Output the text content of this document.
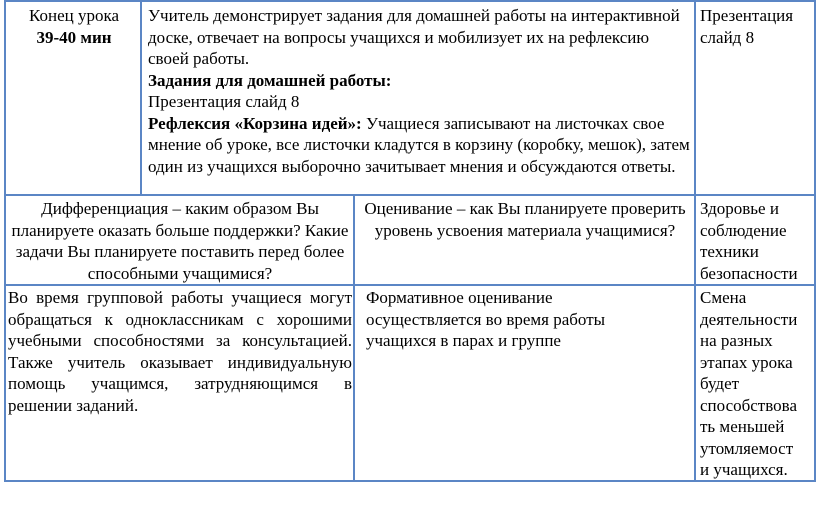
Конец урока
39-40 мин
Учитель демонстрирует задания для домашней работы на интерактивной доске, отвечает на вопросы учащихся и мобилизует их на рефлексию своей работы.
Задания для домашней работы:
Презентация слайд 8
Рефлексия «Корзина идей»: Учащиеся записывают на листочках свое мнение об уроке, все листочки кладутся в корзину (коробку, мешок), затем один из учащихся выборочно зачитывает мнения и обсуждаются ответы.
Презентация слайд 8
Дифференциация – каким образом Вы планируете оказать больше поддержки? Какие задачи Вы планируете поставить перед более способными учащимися?
Оценивание – как Вы планируете проверить уровень усвоения материала учащимися?
Здоровье и
соблюдение
техники
безопасности
Во время групповой работы учащиеся могут обращаться к одноклассникам с хорошими учебными способностями за консультацией. Также учитель оказывает индивидуальную помощь учащимся, затрудняющимся в решении заданий.
Формативное оценивание
осуществляется во время работы
учащихся в парах и группе
Смена
деятельности
на разных
этапах урока
будет
способствова
ть меньшей
утомляемост
и учащихся.
